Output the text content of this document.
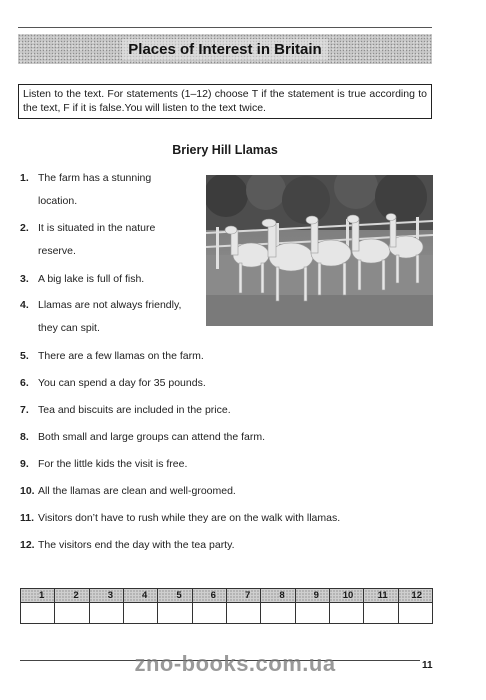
Places of Interest in Britain
Listen to the text. For statements (1–12) choose T if the statement is true according to the text, F if it is false.You will listen to the text twice.
Briery Hill Llamas
1. The farm has a stunning
location.
2. It is situated in the nature
reserve.
3. A big lake is full of fish.
4. Llamas are not always friendly,
they can spit.
5. There are a few llamas on the farm.
6. You can spend a day for 35 pounds.
7. Tea and biscuits are included in the price.
8. Both small and large groups can attend the farm.
9. For the little kids the visit is free.
10. All the llamas are clean and well-groomed.
11. Visitors don’t have to rush while they are on the walk with llamas.
12. The visitors end the day with the tea party.
1	2	3	4	5	6	7	8	9	10	11	12

zno-books.com.ua	11
